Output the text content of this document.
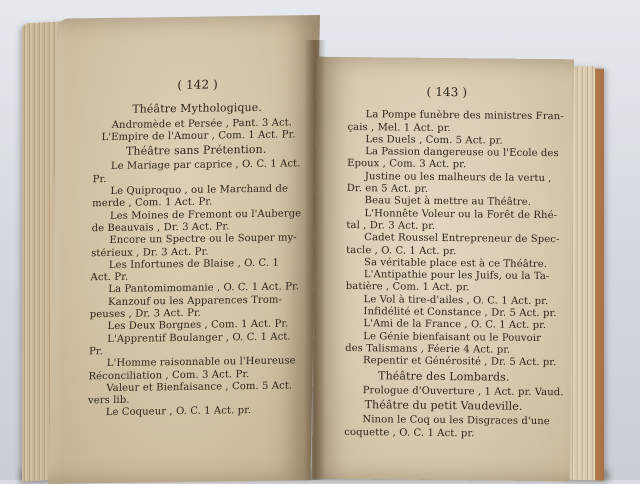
( 142 )
Théâtre Mythologique.
Andromède et Persée , Pant. 3 Act.
L'Empire de l'Amour , Com. 1 Act. Pr.
Théâtre sans Prétention.
Le Mariage par caprice , O. C. 1 Act.
Pr.
Le Quiproquo , ou le Marchand de
merde , Com. 1 Act. Pr.
Les Moines de Fremont ou l'Auberge
de Beauvais , Dr. 3 Act. Pr.
Encore un Spectre ou le Souper my-
stérieux , Dr. 3 Act. Pr.
Les Infortunes de Blaise , O. C. 1
Act. Pr.
La Pantomimomanie , O. C. 1 Act. Pr.
Kanzouf ou les Apparences Trom-
peuses , Dr. 3 Act. Pr.
Les Deux Borgnes , Com. 1 Act. Pr.
L'Apprentif Boulanger , O. C. 1 Act.
Pr.
L'Homme raisonnable ou l'Heureuse
Réconciliation , Com. 3 Act. Pr.
Valeur et Bienfaisance , Com. 5 Act.
vers lib.
Le Coqueur , O. C. 1 Act. pr.
( 143 )
La Pompe funèbre des ministres Fran-
çais , Mel. 1 Act. pr.
Les Duels , Com. 5 Act. pr.
La Passion dangereuse ou l'Ecole des
Epoux , Com. 3 Act. pr.
Justine ou les malheurs de la vertu ,
Dr. en 5 Act. pr.
Beau Sujet à mettre au Théâtre.
L'Honnête Voleur ou la Forêt de Rhé-
tal , Dr. 3 Act. pr.
Cadet Roussel Entrepreneur de Spec-
tacle , O. C. 1 Act. pr.
Sa véritable place est à ce Théâtre.
L'Antipathie pour les Juifs, ou la Ta-
batière , Com. 1 Act. pr.
Le Vol à tire-d'ailes , O. C. 1 Act. pr.
Infidélité et Constance , Dr. 5 Act. pr.
L'Ami de la France , O. C. 1 Act. pr.
Le Génie bienfaisant ou le Pouvoir
des Talismans , Féerie 4 Act. pr.
Repentir et Générosité , Dr. 5 Act. pr.
Théâtre des Lombards.
Prologue d'Ouverture , 1 Act. pr. Vaud.
Théâtre du petit Vaudeville.
Ninon le Coq ou les Disgraces d'une
coquette , O. C. 1 Act. pr.
